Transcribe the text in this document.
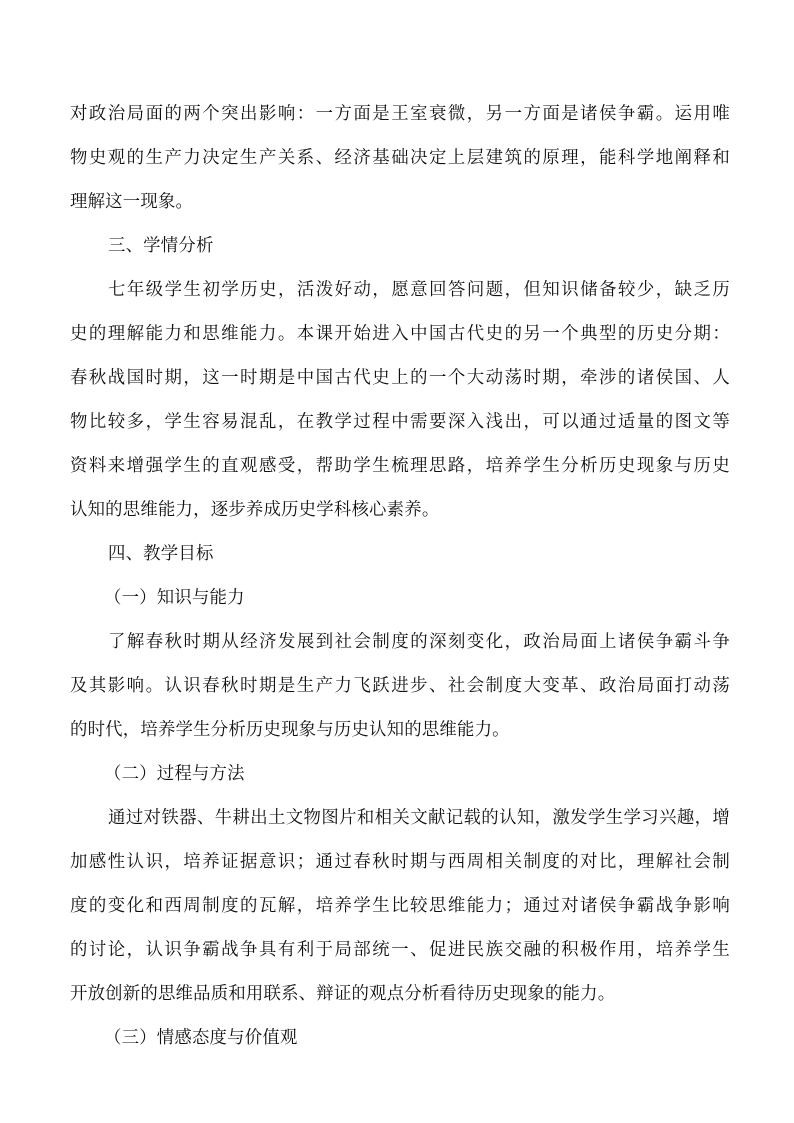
对政治局面的两个突出影响：一方面是王室衰微，另一方面是诸侯争霸。运用唯
物史观的生产力决定生产关系、经济基础决定上层建筑的原理，能科学地阐释和
理解这一现象。
三、学情分析
七年级学生初学历史，活泼好动，愿意回答问题，但知识储备较少，缺乏历
史的理解能力和思维能力。本课开始进入中国古代史的另一个典型的历史分期：
春秋战国时期，这一时期是中国古代史上的一个大动荡时期，牵涉的诸侯国、人
物比较多，学生容易混乱，在教学过程中需要深入浅出，可以通过适量的图文等
资料来增强学生的直观感受，帮助学生梳理思路，培养学生分析历史现象与历史
认知的思维能力，逐步养成历史学科核心素养。
四、教学目标
（一）知识与能力
了解春秋时期从经济发展到社会制度的深刻变化，政治局面上诸侯争霸斗争
及其影响。认识春秋时期是生产力飞跃进步、社会制度大变革、政治局面打动荡
的时代，培养学生分析历史现象与历史认知的思维能力。
（二）过程与方法
通过对铁器、牛耕出土文物图片和相关文献记载的认知，激发学生学习兴趣，增
加感性认识，培养证据意识；通过春秋时期与西周相关制度的对比，理解社会制
度的变化和西周制度的瓦解，培养学生比较思维能力；通过对诸侯争霸战争影响
的讨论，认识争霸战争具有利于局部统一、促进民族交融的积极作用，培养学生
开放创新的思维品质和用联系、辩证的观点分析看待历史现象的能力。
（三）情感态度与价值观
